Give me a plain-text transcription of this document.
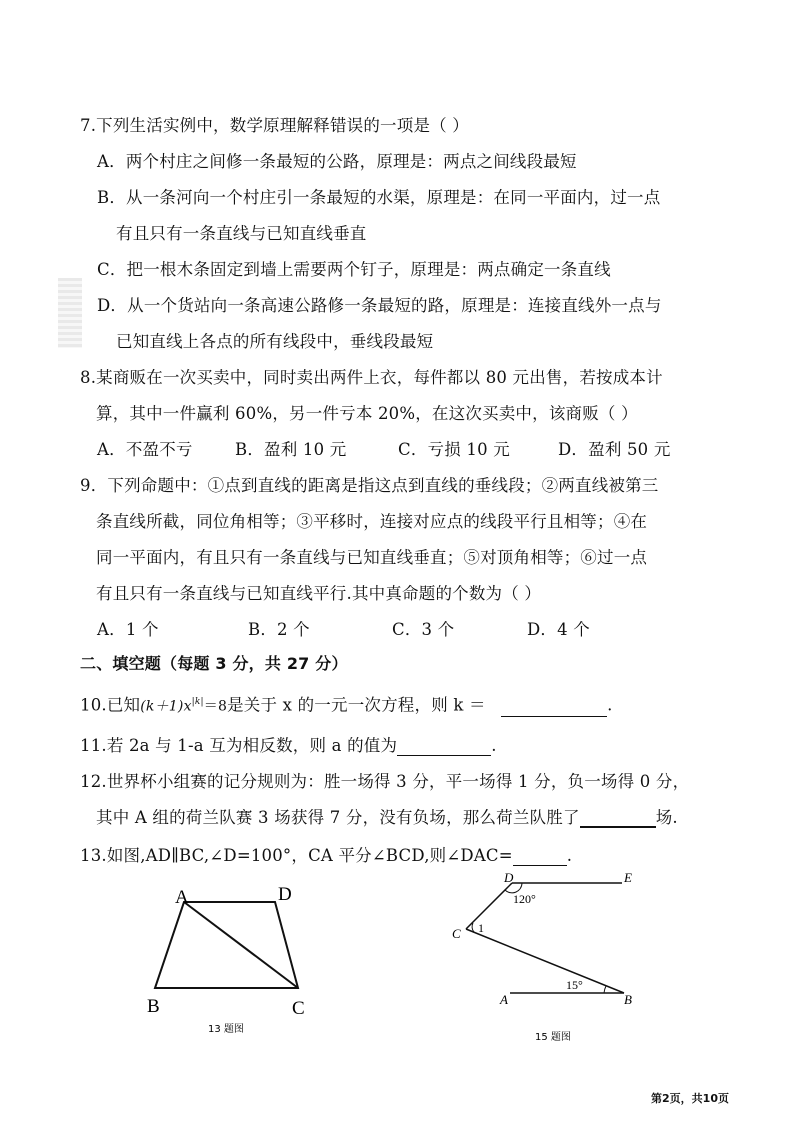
7.下列生活实例中，数学原理解释错误的一项是（ ）
A．两个村庄之间修一条最短的公路，原理是：两点之间线段最短
B．从一条河向一个村庄引一条最短的水渠，原理是：在同一平面内，过一点
有且只有一条直线与已知直线垂直
C．把一根木条固定到墙上需要两个钉子，原理是：两点确定一条直线
D．从一个货站向一条高速公路修一条最短的路，原理是：连接直线外一点与
已知直线上各点的所有线段中，垂线段最短
8.某商贩在一次买卖中，同时卖出两件上衣，每件都以 80 元出售，若按成本计
算，其中一件赢利 60%，另一件亏本 20%，在这次买卖中，该商贩（ ）
A．不盈不亏	B．盈利 10 元	C．亏损 10 元	D．盈利 50 元
9．下列命题中：①点到直线的距离是指这点到直线的垂线段；②两直线被第三
条直线所截，同位角相等；③平移时，连接对应点的线段平行且相等；④在
同一平面内，有且只有一条直线与已知直线垂直；⑤对顶角相等；⑥过一点
有且只有一条直线与已知直线平行.其中真命题的个数为（ ）
A．1 个	B．2 个	C．3 个	D．4 个
二、填空题（每题 3 分，共 27 分）
10.已知$(k+1)x^{|k|}=8$是关于 x 的一元一次方程，则 k ＝	.
11.若 2a 与 1-a 互为相反数，则 a 的值为	.
12.世界杯小组赛的记分规则为：胜一场得 3 分，平一场得 1 分，负一场得 0 分，
其中 A 组的荷兰队赛 3 场获得 7 分，没有负场，那么荷兰队胜了	场.
13.如图,AD∥BC,∠D=100°，CA 平分∠BCD,则∠DAC=	.
A	D
B	C
13 题图
D	E
C
A	B
120°
1
15°
15 题图
第2页，共10页
